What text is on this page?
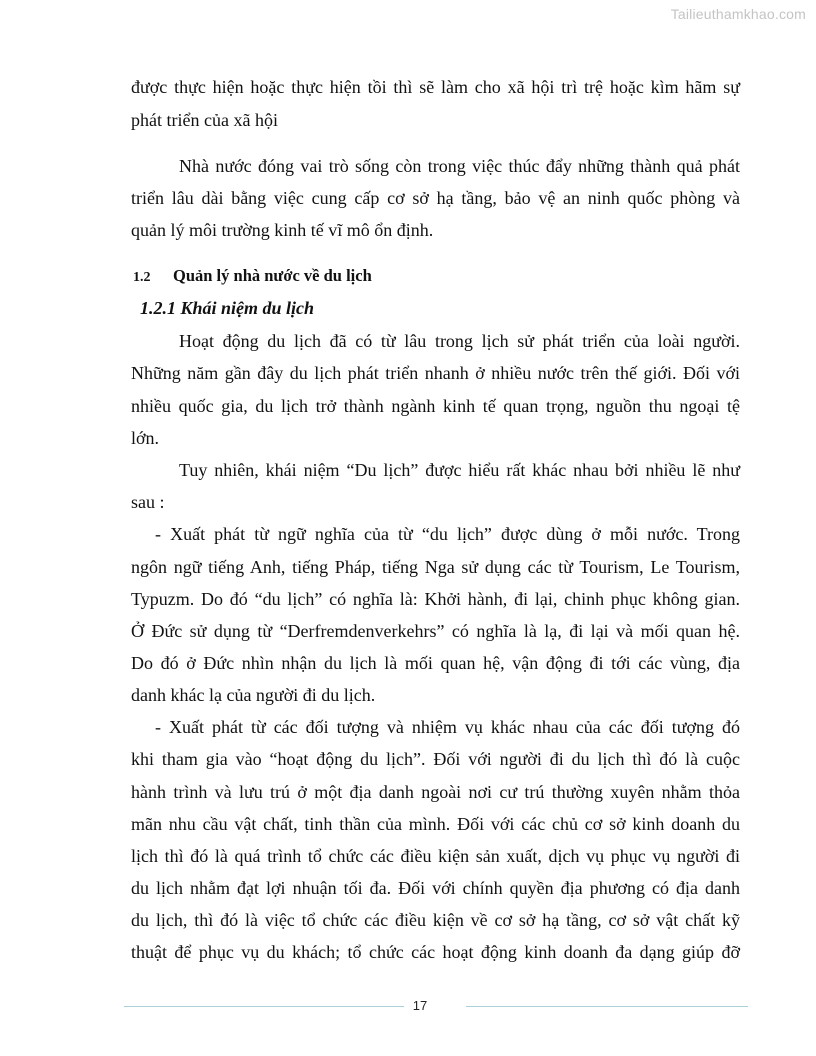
Tailieuthamkhao.com
được thực hiện hoặc thực hiện tồi thì sẽ làm cho xã hội trì trệ hoặc kìm hãm sự
phát triển của xã hội
Nhà nước đóng vai trò sống còn trong việc thúc đẩy những thành quả phát
triển lâu dài bằng việc cung cấp cơ sở hạ tầng, bảo vệ an ninh quốc phòng và
quản lý môi trường kinh tế vĩ mô ổn định.
1.2 Quản lý nhà nước về du lịch
1.2.1 Khái niệm du lịch
Hoạt động du lịch đã có từ lâu trong lịch sử phát triển của loài người.
Những năm gần đây du lịch phát triển nhanh ở nhiều nước trên thế giới. Đối với
nhiều quốc gia, du lịch trở thành ngành kinh tế quan trọng, nguồn thu ngoại tệ
lớn.
Tuy nhiên, khái niệm “Du lịch” được hiểu rất khác nhau bởi nhiều lẽ như
sau :
- Xuất phát từ ngữ nghĩa của từ “du lịch” được dùng ở mỗi nước. Trong
ngôn ngữ tiếng Anh, tiếng Pháp, tiếng Nga sử dụng các từ Tourism, Le Tourism,
Typuzm. Do đó “du lịch” có nghĩa là: Khởi hành, đi lại, chinh phục không gian.
Ở Đức sử dụng từ “Derfremdenverkehrs” có nghĩa là lạ, đi lại và mối quan hệ.
Do đó ở Đức nhìn nhận du lịch là mối quan hệ, vận động đi tới các vùng, địa
danh khác lạ của người đi du lịch.
- Xuất phát từ các đối tượng và nhiệm vụ khác nhau của các đối tượng đó
khi tham gia vào “hoạt động du lịch”. Đối với người đi du lịch thì đó là cuộc
hành trình và lưu trú ở một địa danh ngoài nơi cư trú thường xuyên nhằm thỏa
mãn nhu cầu vật chất, tinh thần của mình. Đối với các chủ cơ sở kinh doanh du
lịch thì đó là quá trình tổ chức các điều kiện sản xuất, dịch vụ phục vụ người đi
du lịch nhằm đạt lợi nhuận tối đa. Đối với chính quyền địa phương có địa danh
du lịch, thì đó là việc tổ chức các điều kiện về cơ sở hạ tầng, cơ sở vật chất kỹ
thuật để phục vụ du khách; tổ chức các hoạt động kinh doanh đa dạng giúp đỡ
17
